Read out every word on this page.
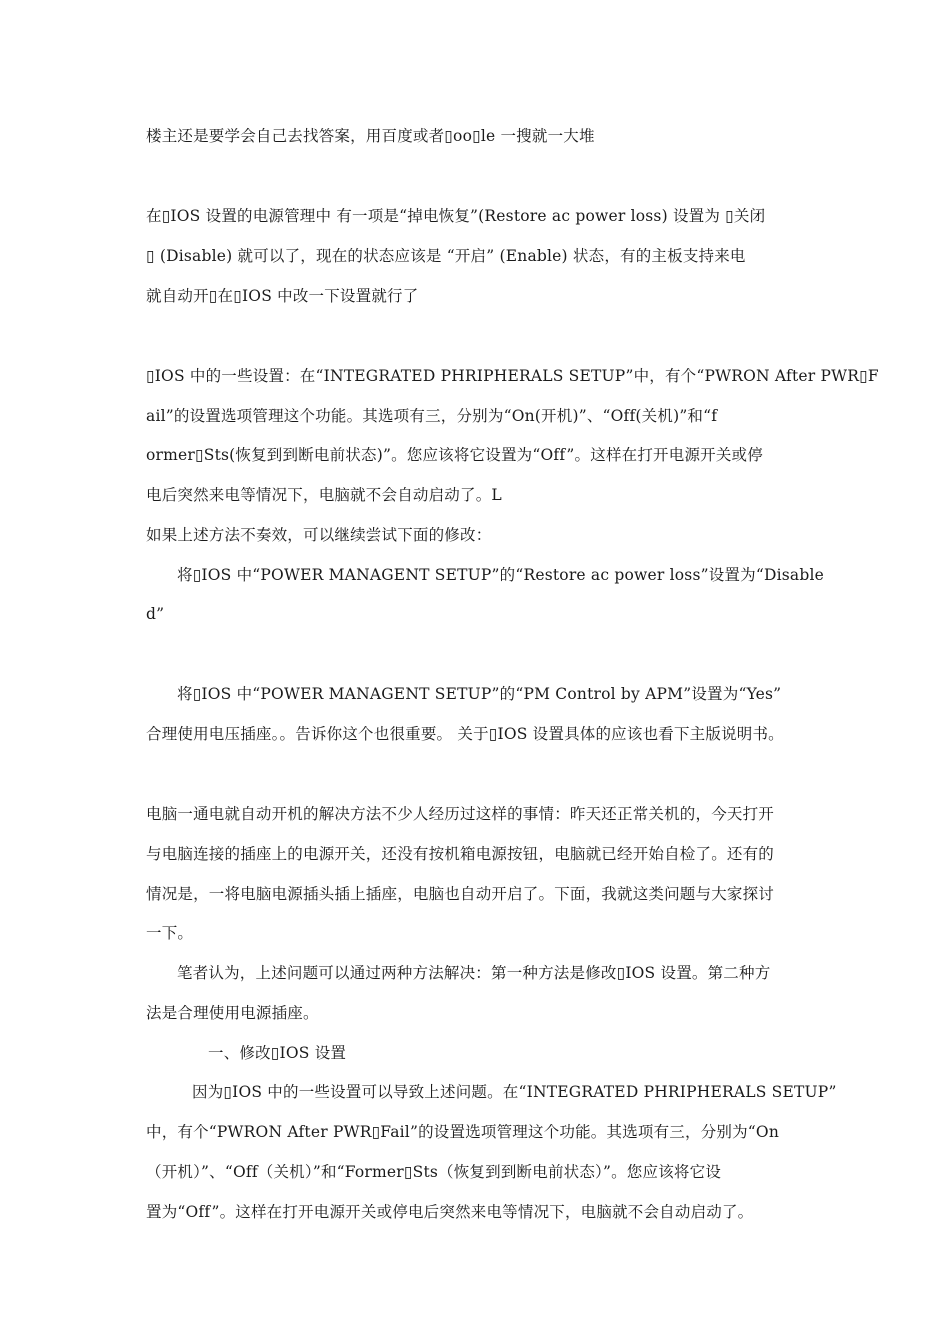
楼主还是要学会自己去找答案，用百度或者▯oo▯le 一搜就一大堆
在▯IOS 设置的电源管理中 有一项是“掉电恢复”(Restore ac power loss) 设置为 ▯关闭
▯ (Disable) 就可以了，现在的状态应该是 “开启” (Enable) 状态，有的主板支持来电
就自动开▯在▯IOS 中改一下设置就行了
▯IOS 中的一些设置：在“INTEGRATED PHRIPHERALS SETUP”中，有个“PWRON After PWR▯F
ail”的设置选项管理这个功能。其选项有三，分别为“On(开机)”、“Off(关机)”和“f
ormer▯Sts(恢复到到断电前状态)”。您应该将它设置为“Off”。这样在打开电源开关或停
电后突然来电等情况下，电脑就不会自动启动了。L
如果上述方法不奏效，可以继续尝试下面的修改：
将▯IOS 中“POWER MANAGENT SETUP”的“Restore ac power loss”设置为“Disable
d”
将▯IOS 中“POWER MANAGENT SETUP”的“PM Control by APM”设置为“Yes”
合理使用电压插座。。告诉你这个也很重要。 关于▯IOS 设置具体的应该也看下主版说明书。
电脑一通电就自动开机的解决方法不少人经历过这样的事情：昨天还正常关机的，今天打开
与电脑连接的插座上的电源开关，还没有按机箱电源按钮，电脑就已经开始自检了。还有的
情况是，一将电脑电源插头插上插座，电脑也自动开启了。下面，我就这类问题与大家探讨
一下。
笔者认为，上述问题可以通过两种方法解决：第一种方法是修改▯IOS 设置。第二种方
法是合理使用电源插座。
一、修改▯IOS 设置
因为▯IOS 中的一些设置可以导致上述问题。在“INTEGRATED PHRIPHERALS SETUP”
中，有个“PWRON After PWR▯Fail”的设置选项管理这个功能。其选项有三，分别为“On
（开机）”、“Off（关机）”和“Former▯Sts（恢复到到断电前状态）”。您应该将它设
置为“Off”。这样在打开电源开关或停电后突然来电等情况下，电脑就不会自动启动了。
